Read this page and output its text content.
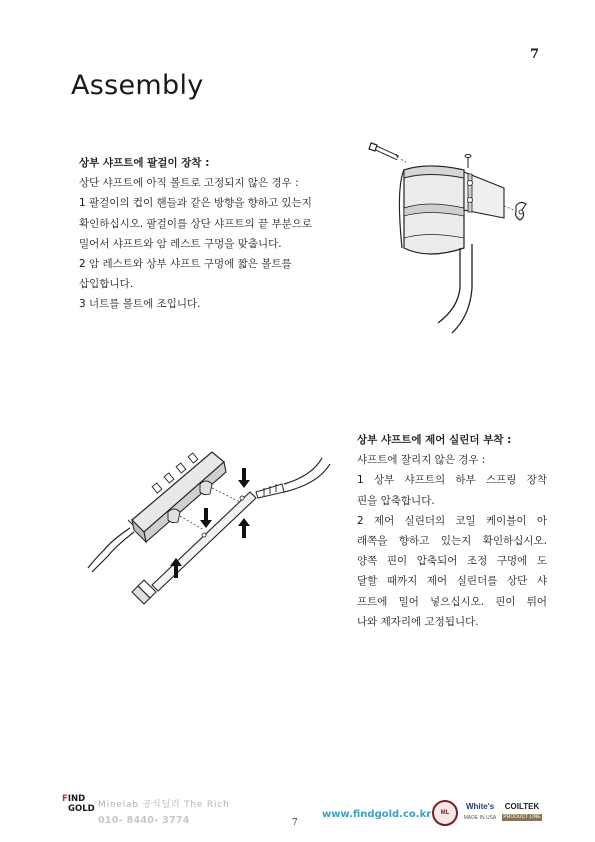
7
Assembly

상부 샤프트에 팔걸이 장착 :

상단 샤프트에 아직 볼트로 고정되지 않은 경우 :

1 팔걸이의 컵이 핸들과 같은 방향을 향하고 있는지

확인하십시오. 팔걸이를 상단 샤프트의 끝 부분으로

밀어서 샤프트와 암 레스트 구멍을 맞춥니다.

2 암 레스트와 상부 샤프트 구멍에 짧은 볼트를

삽입합니다.

3 너트를 볼트에 조입니다.

상부 샤프트에 제어 실린더 부착 :

샤프트에 잘리지 않은 경우 :

1 상부 샤프트의 하부 스프링 장착

핀을 압축합니다.

2 제어 실린더의 코일 케이블이 아

래쪽을 향하고 있는지 확인하십시오.

양쪽 핀이 압축되어 조정 구멍에 도

달할 때까지 제어 실린더를 상단 샤

프트에 밀어 넣으십시오. 핀이 튀어

나와 제자리에 고정됩니다.

FIND
GOLD Minelab 공식딜러 The Rich
010- 8440- 3774	7
www.findgold.co.kr	ML
White's
MADE IN USA
COILTEK
PRODUCT LINE
